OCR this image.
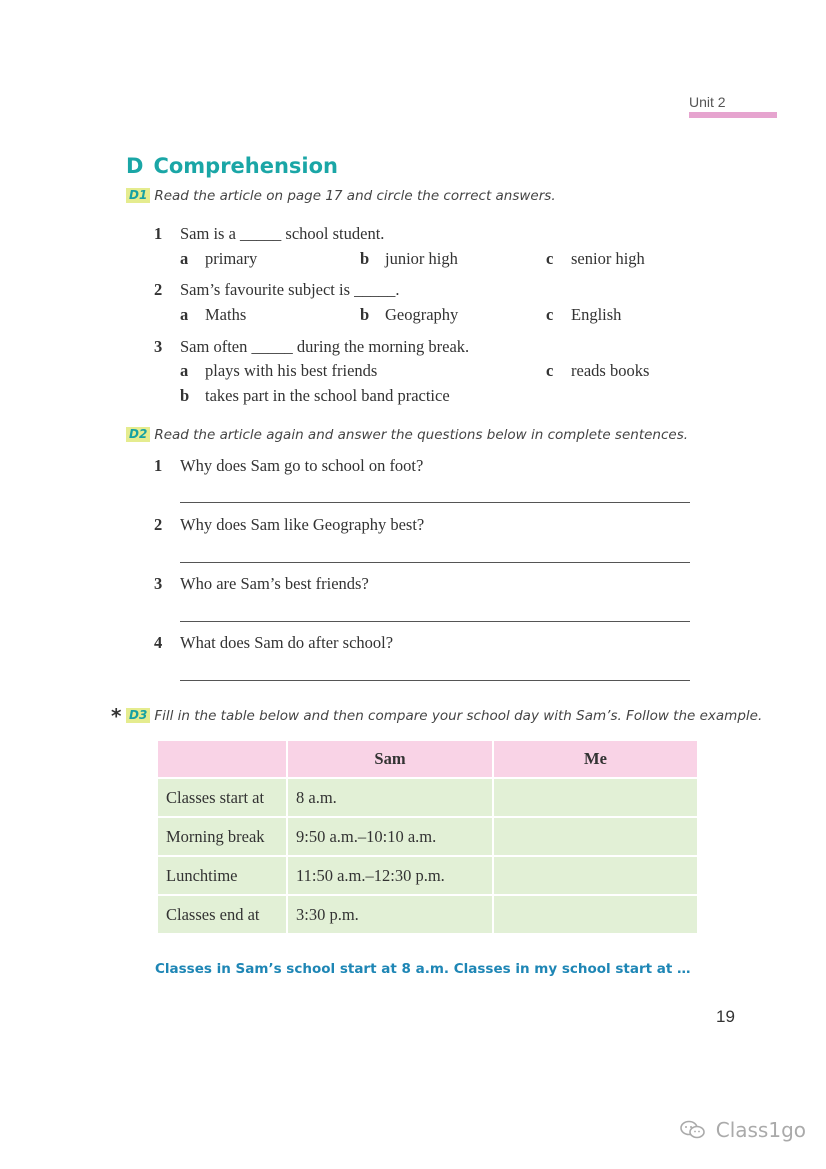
Unit 2
D Comprehension
D1 Read the article on page 17 and circle the correct answers.
1 Sam is a _____ school student.
a primary	b junior high	c senior high
2 Sam’s favourite subject is _____.
a Maths	b Geography	c English
3 Sam often _____ during the morning break.
a plays with his best friends	c reads books
b takes part in the school band practice
D2 Read the article again and answer the questions below in complete sentences.
1 Why does Sam go to school on foot?
2 Why does Sam like Geography best?
3 Who are Sam’s best friends?
4 What does Sam do after school?
* D3 Fill in the table below and then compare your school day with Sam’s. Follow the example.
	Sam	Me
Classes start at	8 a.m.	
Morning break	9:50 a.m.–10:10 a.m.	
Lunchtime	11:50 a.m.–12:30 p.m.	
Classes end at	3:30 p.m.	
Classes in Sam’s school start at 8 a.m. Classes in my school start at …
19
Class1go
